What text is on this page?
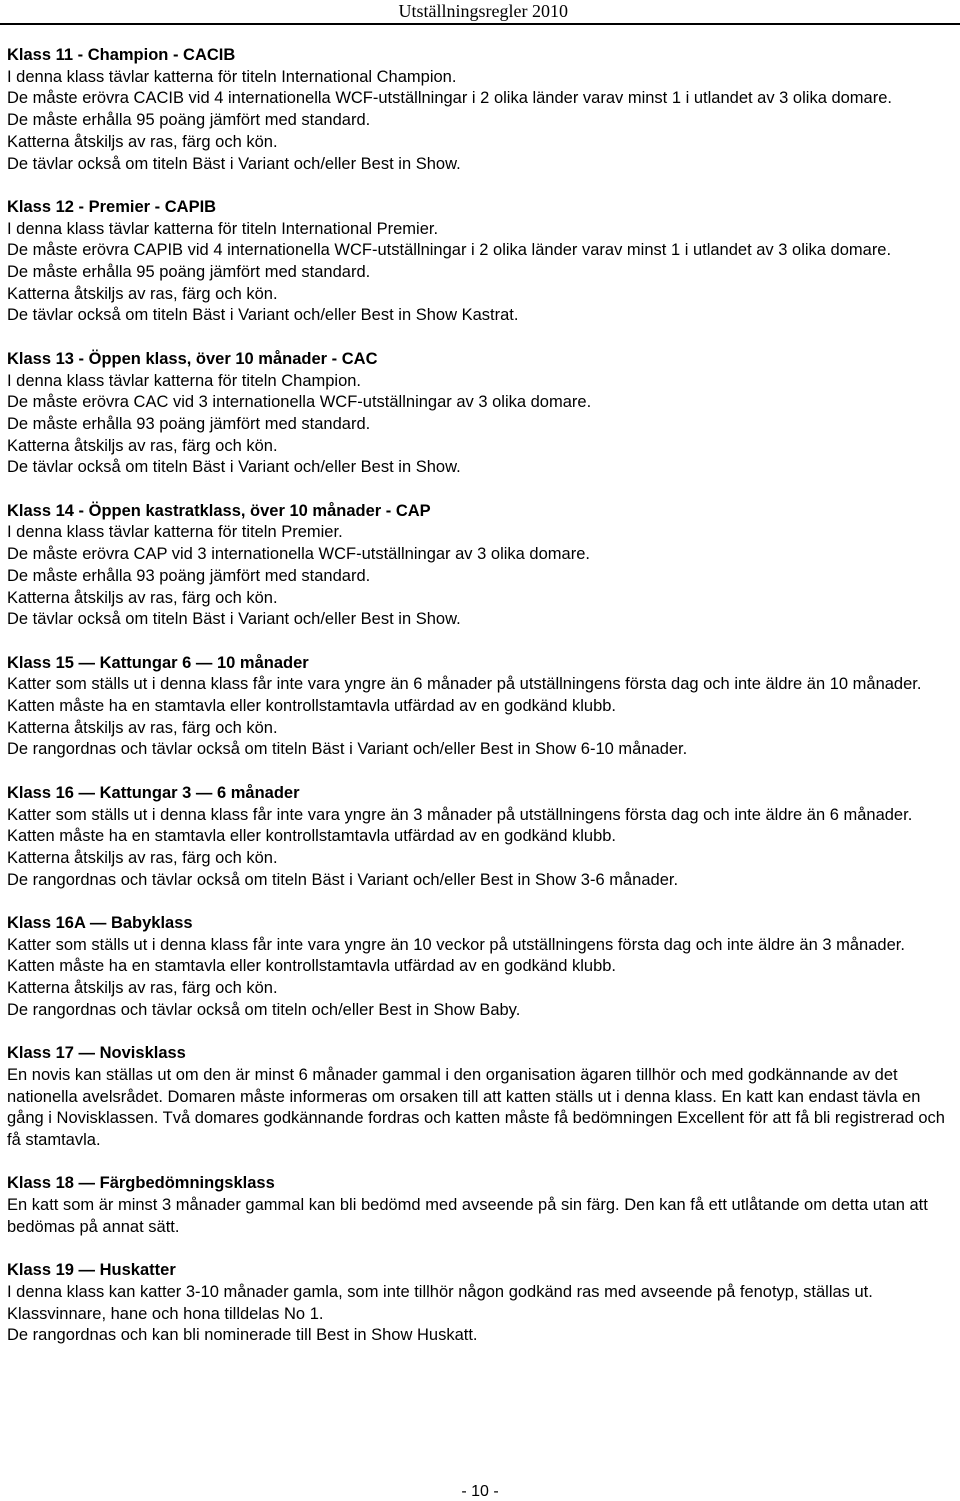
Utställningsregler 2010
Klass 11 - Champion - CACIB
I denna klass tävlar katterna för titeln International Champion.
De måste erövra CACIB vid 4 internationella WCF-utställningar i 2 olika länder varav minst 1 i utlandet av 3 olika domare.
De måste erhålla 95 poäng jämfört med standard.
Katterna åtskiljs av ras, färg och kön.
De tävlar också om titeln Bäst i Variant och/eller Best in Show.
Klass 12 - Premier - CAPIB
I denna klass tävlar katterna för titeln International Premier.
De måste erövra CAPIB vid 4 internationella WCF-utställningar i 2 olika länder varav minst 1 i utlandet av 3 olika domare.
De måste erhålla 95 poäng jämfört med standard.
Katterna åtskiljs av ras, färg och kön.
De tävlar också om titeln Bäst i Variant och/eller Best in Show Kastrat.
Klass 13 - Öppen klass, över 10 månader - CAC
I denna klass tävlar katterna för titeln Champion.
De måste erövra CAC vid 3 internationella WCF-utställningar av 3 olika domare.
De måste erhålla 93 poäng jämfört med standard.
Katterna åtskiljs av ras, färg och kön.
De tävlar också om titeln Bäst i Variant och/eller Best in Show.
Klass 14 - Öppen kastratklass, över 10 månader - CAP
I denna klass tävlar katterna för titeln Premier.
De måste erövra CAP vid 3 internationella WCF-utställningar av 3 olika domare.
De måste erhålla 93 poäng jämfört med standard.
Katterna åtskiljs av ras, färg och kön.
De tävlar också om titeln Bäst i Variant och/eller Best in Show.
Klass 15 — Kattungar 6 — 10 månader
Katter som ställs ut i denna klass får inte vara yngre än 6 månader på utställningens första dag och inte äldre än 10 månader. Katten måste ha en stamtavla eller kontrollstamtavla utfärdad av en godkänd klubb.
Katterna åtskiljs av ras, färg och kön.
De rangordnas och tävlar också om titeln Bäst i Variant och/eller Best in Show 6-10 månader.
Klass 16 — Kattungar 3 — 6 månader
Katter som ställs ut i denna klass får inte vara yngre än 3 månader på utställningens första dag och inte äldre än 6 månader. Katten måste ha en stamtavla eller kontrollstamtavla utfärdad av en godkänd klubb.
Katterna åtskiljs av ras, färg och kön.
De rangordnas och tävlar också om titeln Bäst i Variant och/eller Best in Show 3-6 månader.
Klass 16A — Babyklass
Katter som ställs ut i denna klass får inte vara yngre än 10 veckor på utställningens första dag och inte äldre än 3 månader. Katten måste ha en stamtavla eller kontrollstamtavla utfärdad av en godkänd klubb.
Katterna åtskiljs av ras, färg och kön.
De rangordnas och tävlar också om titeln och/eller Best in Show Baby.
Klass 17 — Novisklass
En novis kan ställas ut om den är minst 6 månader gammal i den organisation ägaren tillhör och med godkännande av det nationella avelsrådet. Domaren måste informeras om orsaken till att katten ställs ut i denna klass. En katt kan endast tävla en gång i Novisklassen. Två domares godkännande fordras och katten måste få bedömningen Excellent för att få bli registrerad och få stamtavla.
Klass 18 — Färgbedömningsklass
En katt som är minst 3 månader gammal kan bli bedömd med avseende på sin färg. Den kan få ett utlåtande om detta utan att bedömas på annat sätt.
Klass 19 — Huskatter
I denna klass kan katter 3-10 månader gamla, som inte tillhör någon godkänd ras med avseende på fenotyp, ställas ut. Klassvinnare, hane och hona tilldelas No 1.
De rangordnas och kan bli nominerade till Best in Show Huskatt.
- 10 -
